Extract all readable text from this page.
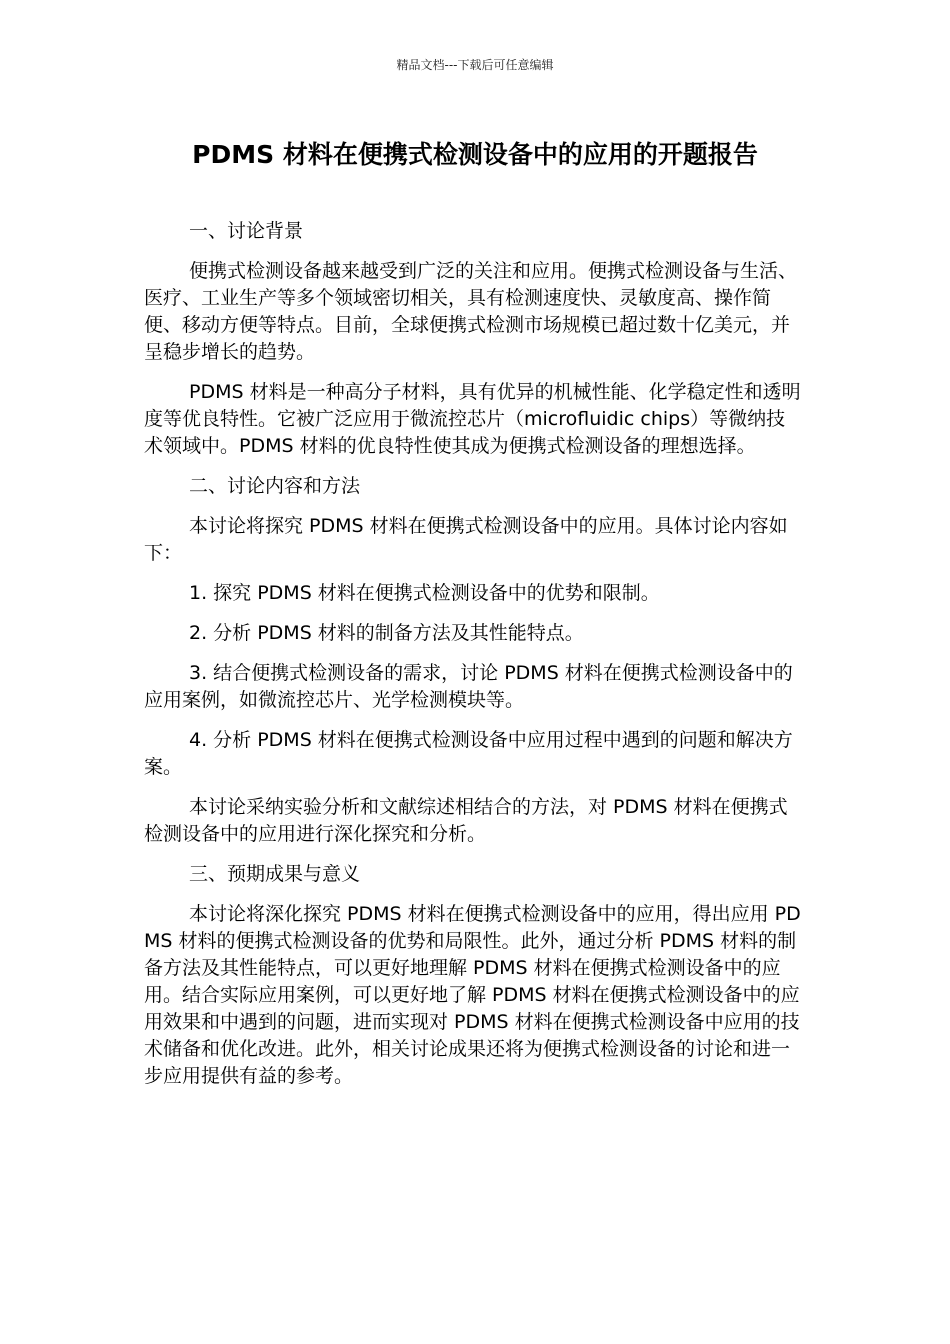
精品文档---下载后可任意编辑
PDMS 材料在便携式检测设备中的应用的开题报告

一、讨论背景

便携式检测设备越来越受到广泛的关注和应用。便携式检测设备与生活、医疗、工业生产等多个领域密切相关，具有检测速度快、灵敏度高、操作简便、移动方便等特点。目前，全球便携式检测市场规模已超过数十亿美元，并呈稳步增长的趋势。

PDMS 材料是一种高分子材料，具有优异的机械性能、化学稳定性和透明度等优良特性。它被广泛应用于微流控芯片（microfluidic chips）等微纳技术领域中。PDMS 材料的优良特性使其成为便携式检测设备的理想选择。

二、讨论内容和方法

本讨论将探究 PDMS 材料在便携式检测设备中的应用。具体讨论内容如下：

1. 探究 PDMS 材料在便携式检测设备中的优势和限制。

2. 分析 PDMS 材料的制备方法及其性能特点。

3. 结合便携式检测设备的需求，讨论 PDMS 材料在便携式检测设备中的应用案例，如微流控芯片、光学检测模块等。

4. 分析 PDMS 材料在便携式检测设备中应用过程中遇到的问题和解决方案。

本讨论采纳实验分析和文献综述相结合的方法，对 PDMS 材料在便携式检测设备中的应用进行深化探究和分析。

三、预期成果与意义

本讨论将深化探究 PDMS 材料在便携式检测设备中的应用，得出应用 PDMS 材料的便携式检测设备的优势和局限性。此外，通过分析 PDMS 材料的制备方法及其性能特点，可以更好地理解 PDMS 材料在便携式检测设备中的应用。结合实际应用案例，可以更好地了解 PDMS 材料在便携式检测设备中的应用效果和中遇到的问题，进而实现对 PDMS 材料在便携式检测设备中应用的技术储备和优化改进。此外，相关讨论成果还将为便携式检测设备的讨论和进一步应用提供有益的参考。
